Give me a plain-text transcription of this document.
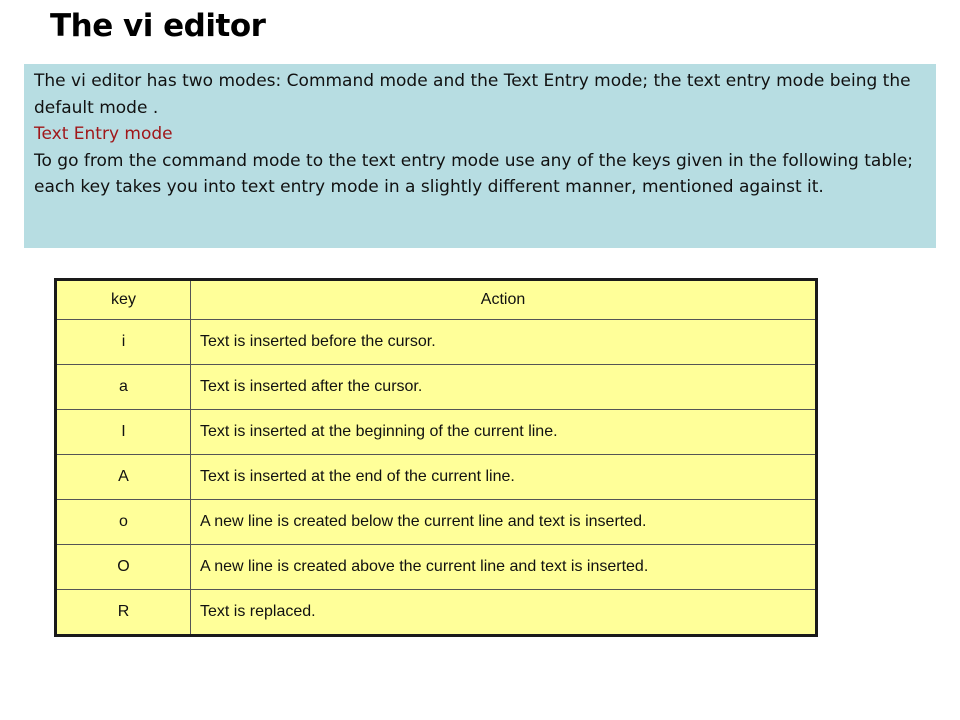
The vi editor

The vi editor has two modes: Command mode and the Text Entry mode; the text entry mode being the default mode .

Text Entry mode

To go from the command mode to the text entry mode use any of the keys given in the following table; each key takes you into text entry mode in a slightly different manner, mentioned against it.

key	Action
i	Text is inserted before the cursor.
a	Text is inserted after the cursor.
I	Text is inserted at the beginning of the current line.
A	Text is inserted at the end of the current line.
o	A new line is created below the current line and text is inserted.
O	A new line is created above the current line and text is inserted.
R	Text is replaced.
